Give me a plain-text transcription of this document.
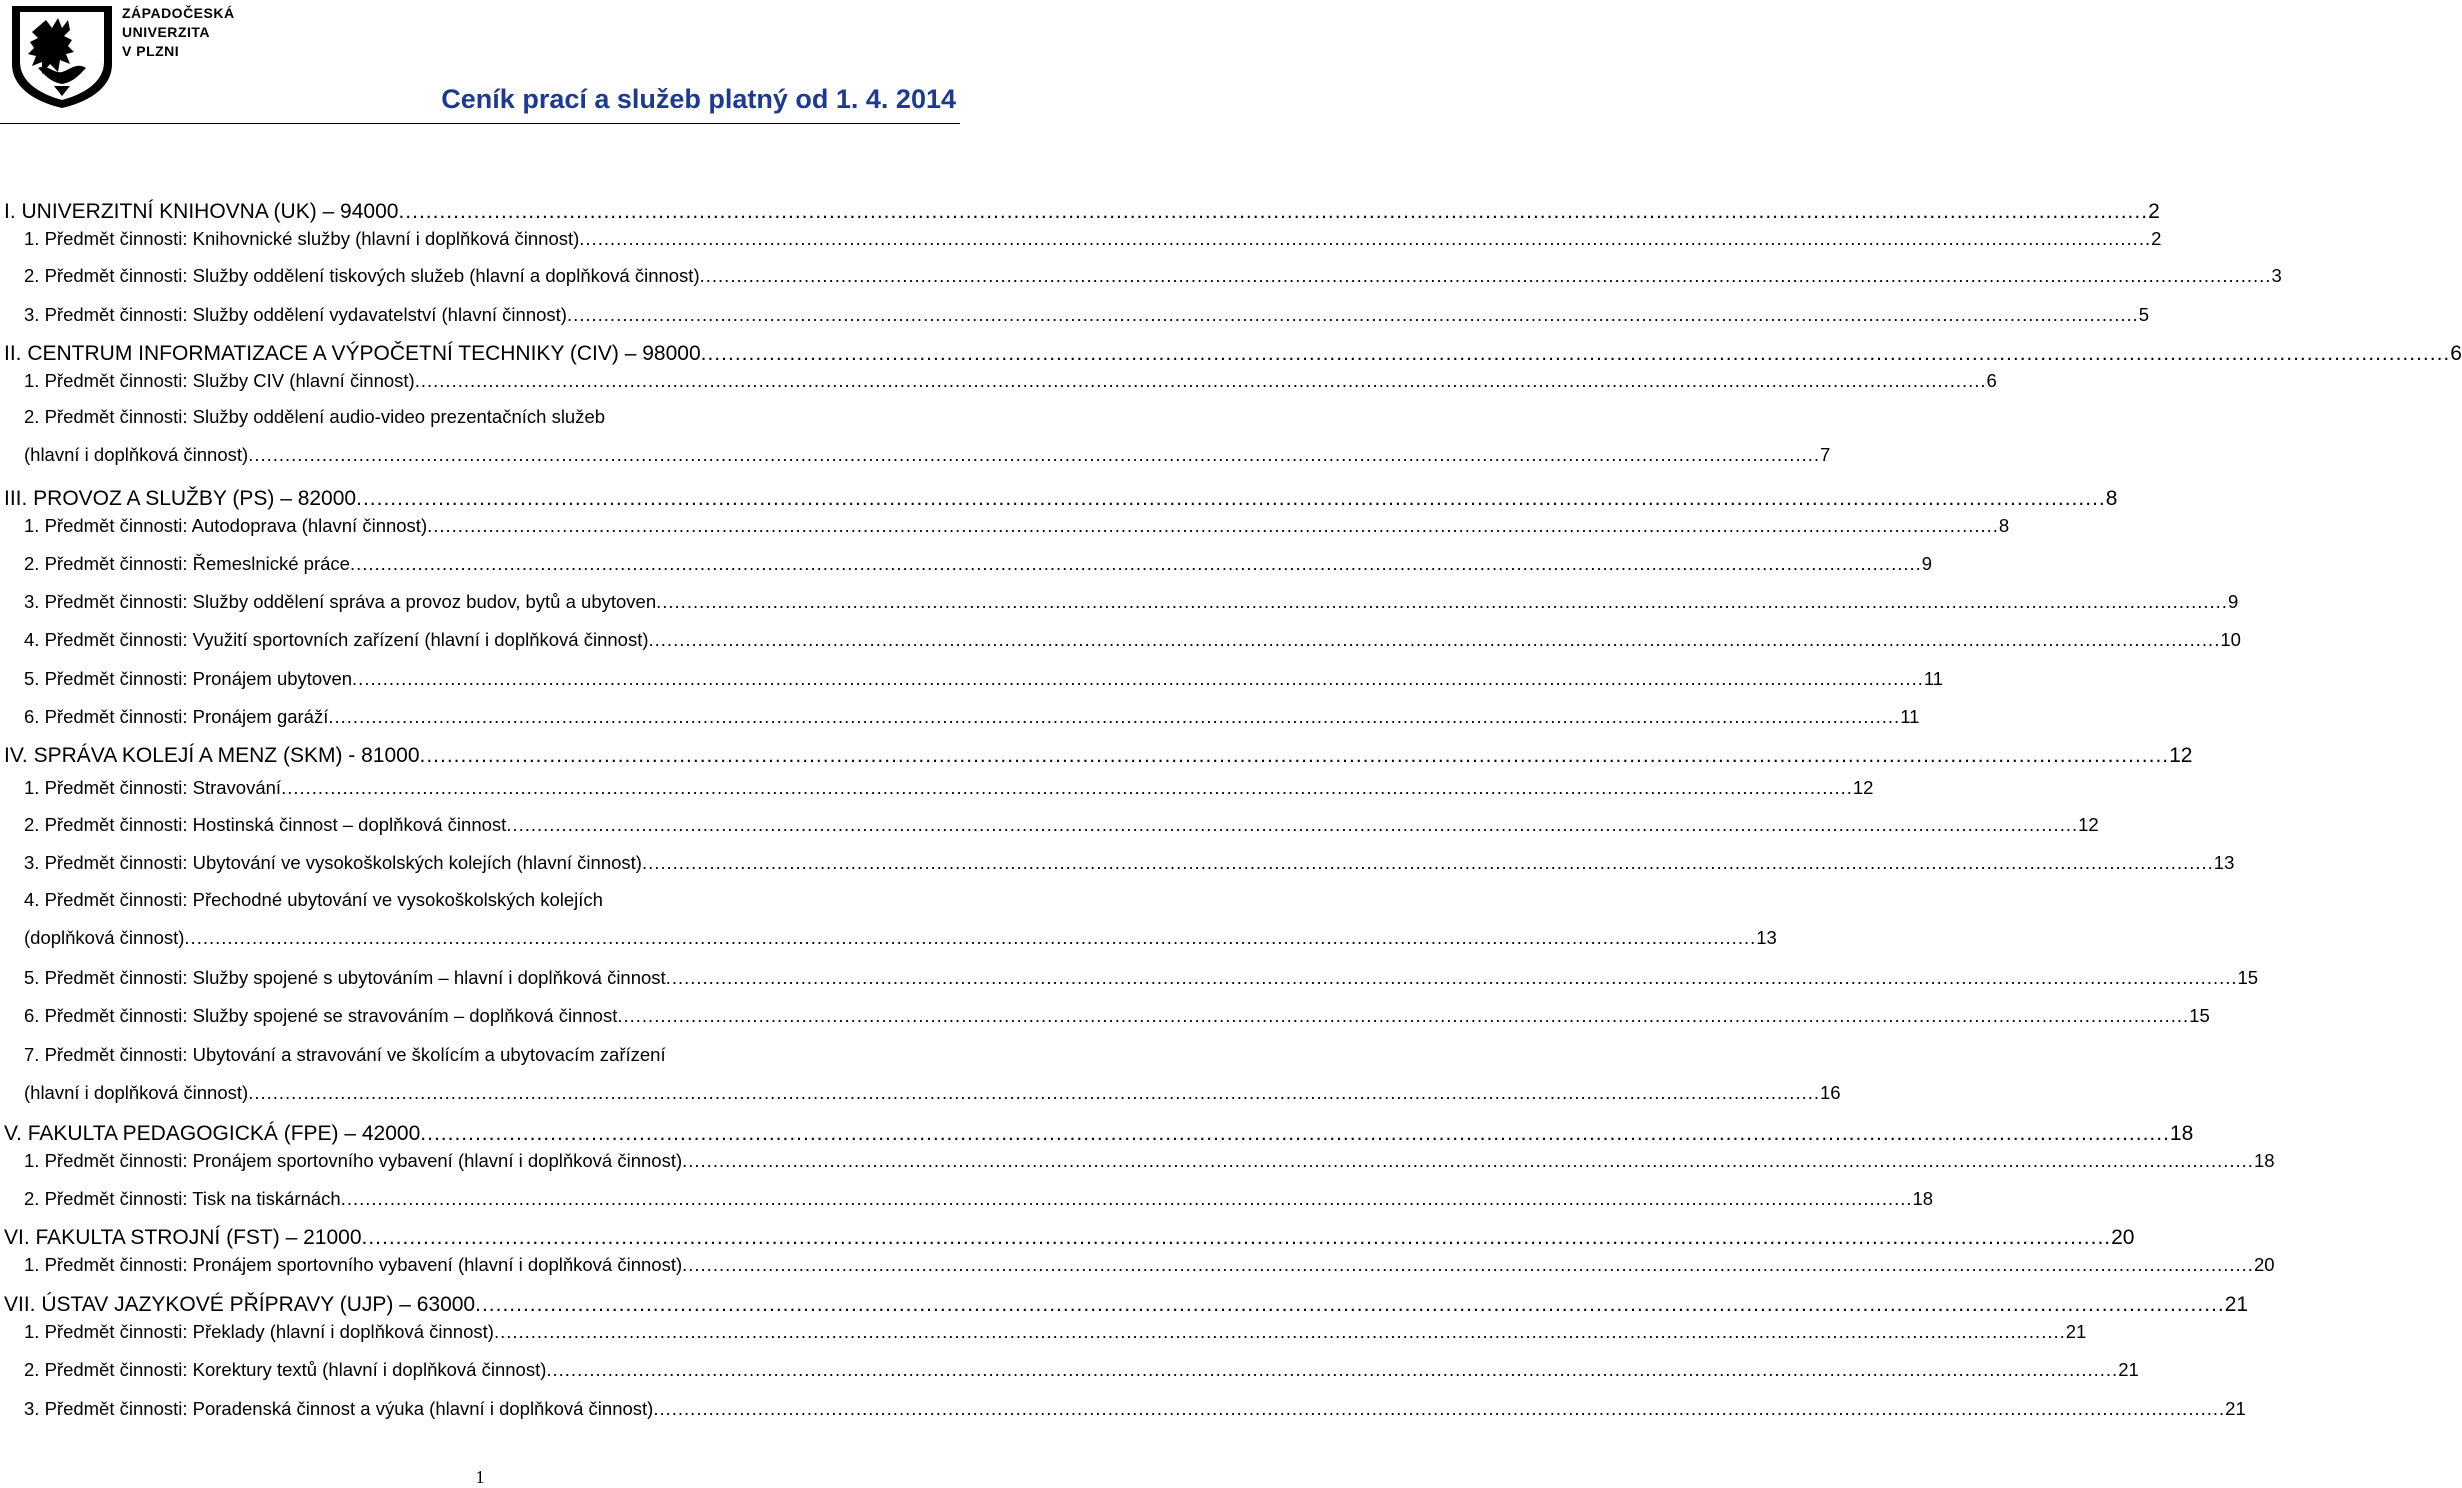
ZÁPADOČESKÁ
UNIVERZITA
V PLZNI
Ceník prací a služeb platný od 1. 4. 2014
I. UNIVERZITNÍ KNIHOVNA (UK) – 94000 .....	2
1. Předmět činnosti: Knihovnické služby (hlavní i doplňková činnost) .....	2
2. Předmět činnosti: Služby oddělení tiskových služeb (hlavní a doplňková činnost) .....	3
3. Předmět činnosti: Služby oddělení vydavatelství (hlavní činnost) .....	5
II. CENTRUM INFORMATIZACE A VÝPOČETNÍ TECHNIKY (CIV) – 98000 .....	6
1. Předmět činnosti: Služby CIV (hlavní činnost) .....	6
2. Předmět činnosti: Služby oddělení audio-video prezentačních služeb
(hlavní i doplňková činnost) .....	7
III. PROVOZ A SLUŽBY (PS) – 82000 .....	8
1. Předmět činnosti: Autodoprava (hlavní činnost) .....	8
2. Předmět činnosti: Řemeslnické práce .....	9
3. Předmět činnosti: Služby oddělení správa a provoz budov, bytů a ubytoven .....	9
4. Předmět činnosti: Využití sportovních zařízení (hlavní i doplňková činnost) .....	10
5. Předmět činnosti: Pronájem ubytoven .....	11
6. Předmět činnosti: Pronájem garáží .....	11
IV. SPRÁVA KOLEJÍ A MENZ (SKM) - 81000 .....	12
1. Předmět činnosti: Stravování .....	12
2. Předmět činnosti: Hostinská činnost – doplňková činnost .....	12
3. Předmět činnosti: Ubytování ve vysokoškolských kolejích (hlavní činnost) .....	13
4. Předmět činnosti: Přechodné ubytování ve vysokoškolských kolejích
(doplňková činnost) .....	13
5. Předmět činnosti: Služby spojené s ubytováním – hlavní i doplňková činnost .....	15
6. Předmět činnosti: Služby spojené se stravováním – doplňková činnost .....	15
7. Předmět činnosti: Ubytování a stravování ve školícím a ubytovacím zařízení
(hlavní i doplňková činnost) .....	16
V. FAKULTA PEDAGOGICKÁ (FPE) – 42000 .....	18
1. Předmět činnosti: Pronájem sportovního vybavení (hlavní i doplňková činnost) .....	18
2. Předmět činnosti: Tisk na tiskárnách .....	18
VI. FAKULTA STROJNÍ (FST) – 21000 .....	20
1. Předmět činnosti: Pronájem sportovního vybavení (hlavní i doplňková činnost) .....	20
VII. ÚSTAV JAZYKOVÉ PŘÍPRAVY (UJP) – 63000 .....	21
1. Předmět činnosti: Překlady (hlavní i doplňková činnost) .....	21
2. Předmět činnosti: Korektury textů (hlavní i doplňková činnost) .....	21
3. Předmět činnosti: Poradenská činnost a výuka (hlavní i doplňková činnost) .....	21
1
